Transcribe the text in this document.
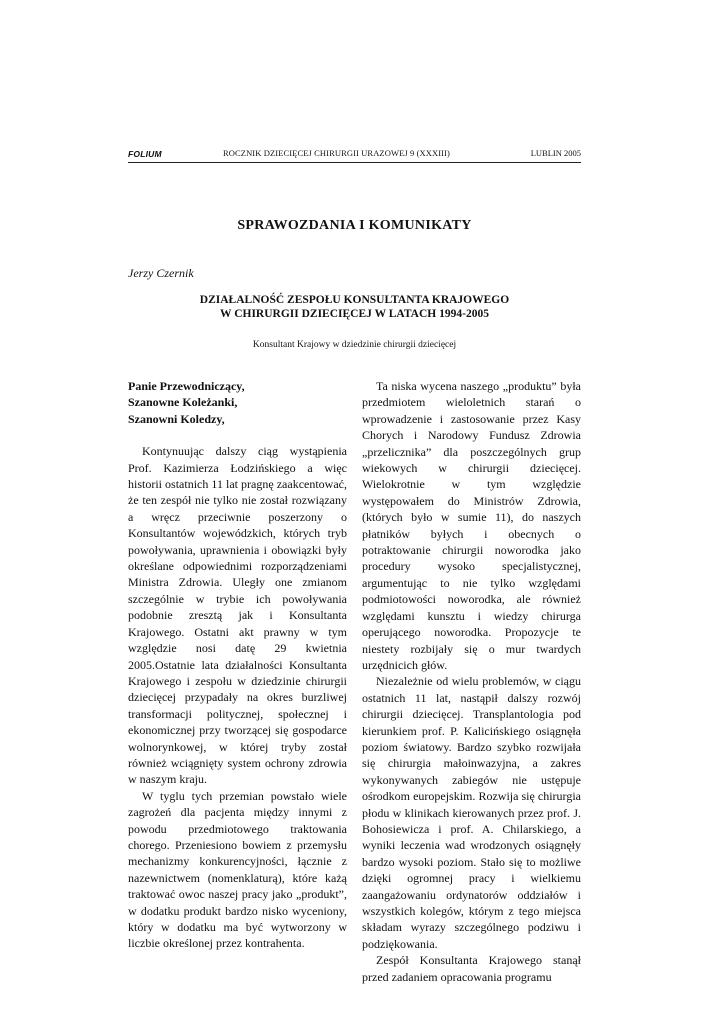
FOLIUM	ROCZNIK DZIECIĘCEJ CHIRURGII URAZOWEJ 9 (XXXIII)	LUBLIN 2005
SPRAWOZDANIA I KOMUNIKATY
Jerzy Czernik
DZIAŁALNOŚĆ ZESPOŁU KONSULTANTA KRAJOWEGO
W CHIRURGII DZIECIĘCEJ W LATACH 1994-2005
Konsultant Krajowy w dziedzinie chirurgii dziecięcej
Panie Przewodniczący,
Szanowne Koleżanki,
Szanowni Koledzy,

Kontynuując dalszy ciąg wystąpienia Prof. Kazimierza Łodzińskiego a więc historii ostatnich 11 lat pragnę zaakcentować, że ten zespół nie tylko nie został rozwiązany a wręcz przeciwnie poszerzony o Konsultantów wojewódzkich, których tryb powoływania, uprawnienia i obowiązki były określane odpowiednimi rozporządzeniami Ministra Zdrowia. Uległy one zmianom szczególnie w trybie ich powoływania podobnie zresztą jak i Konsultanta Krajowego. Ostatni akt prawny w tym względzie nosi datę 29 kwietnia 2005.Ostatnie lata działalności Konsultanta Krajowego i zespołu w dziedzinie chirurgii dziecięcej przypadały na okres burzliwej transformacji politycznej, społecznej i ekonomicznej przy tworzącej się gospodarce wolnorynkowej, w której tryby został również wciągnięty system ochrony zdrowia w naszym kraju.

W tyglu tych przemian powstało wiele zagrożeń dla pacjenta między innymi z powodu przedmiotowego traktowania chorego. Przeniesiono bowiem z przemysłu mechanizmy konkurencyjności, łącznie z nazewnictwem (nomenklaturą), które każą traktować owoc naszej pracy jako „produkt”, w dodatku produkt bardzo nisko wyceniony, który w dodatku ma być wytworzony w liczbie określonej przez kontrahenta.

Ta niska wycena naszego „produktu” była przedmiotem wieloletnich starań o wprowadzenie i zastosowanie przez Kasy Chorych i Narodowy Fundusz Zdrowia „przelicznika” dla poszczególnych grup wiekowych w chirurgii dziecięcej. Wielokrotnie w tym względzie występowałem do Ministrów Zdrowia, (których było w sumie 11), do naszych płatników byłych i obecnych o potraktowanie chirurgii noworodka jako procedury wysoko specjalistycznej, argumentując to nie tylko względami podmiotowości noworodka, ale również względami kunsztu i wiedzy chirurga operującego noworodka. Propozycje te niestety rozbijały się o mur twardych urzędnicich głów.

Niezależnie od wielu problemów, w ciągu ostatnich 11 lat, nastąpił dalszy rozwój chirurgii dziecięcej. Transplantologia pod kierunkiem prof. P. Kalicińskiego osiągnęła poziom światowy. Bardzo szybko rozwijała się chirurgia małoinwazyjna, a zakres wykonywanych zabiegów nie ustępuje ośrodkom europejskim. Rozwija się chirurgia płodu w klinikach kierowanych przez prof. J. Bohosiewicza i prof. A. Chilarskiego, a wyniki leczenia wad wrodzonych osiągnęły bardzo wysoki poziom. Stało się to możliwe dzięki ogromnej pracy i wielkiemu zaangażowaniu ordynatorów oddziałów i wszystkich kolegów, którym z tego miejsca składam wyrazy szczególnego podziwu i podziękowania.

Zespół Konsultanta Krajowego stanął przed zadaniem opracowania programu
